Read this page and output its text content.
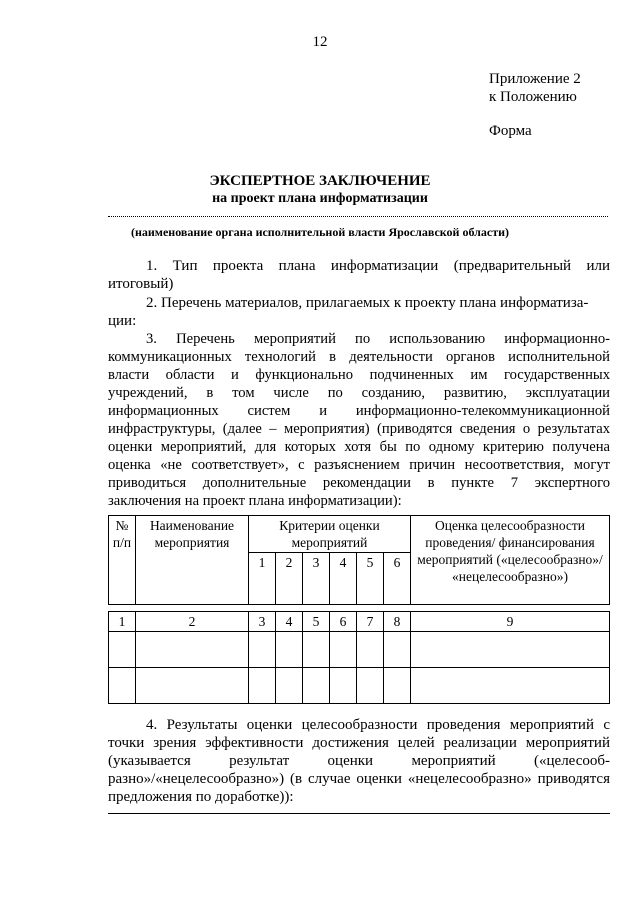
12
Приложение 2
к Положению
Форма
ЭКСПЕРТНОЕ ЗАКЛЮЧЕНИЕ
на проект плана информатизации
(наименование органа исполнительной власти Ярославской области)
1. Тип проекта плана информатизации (предварительный или
итоговый)
2. Перечень материалов, прилагаемых к проекту плана информатиза-
ции:
3. Перечень мероприятий по использованию информационно-
коммуникационных технологий в деятельности органов исполнительной
власти области и функционально подчиненных им государственных
учреждений, в том числе по созданию, развитию, эксплуатации
информационных систем и информационно-телекоммуникационной
инфраструктуры, (далее – мероприятия) (приводятся сведения о результатах
оценки мероприятий, для которых хотя бы по одному критерию получена
оценка «не соответствует», с разъяснением причин несоответствия, могут
приводиться дополнительные рекомендации в пункте 7 экспертного
заключения на проект плана информатизации):
№ п/п	Наименование мероприятия	Критерии оценки мероприятий						Оценка целесообразности проведения/ финансирования мероприятий («целесообразно»/ «нецелесообразно»)
		1	2	3	4	5	6	

1	2	3	4	5	6	7	8	9

4. Результаты оценки целесообразности проведения мероприятий с
точки зрения эффективности достижения целей реализации мероприятий
(указывается результат оценки мероприятий («целесооб-
разно»/«нецелесообразно») (в случае оценки «нецелесообразно» приводятся
предложения по доработке)):
